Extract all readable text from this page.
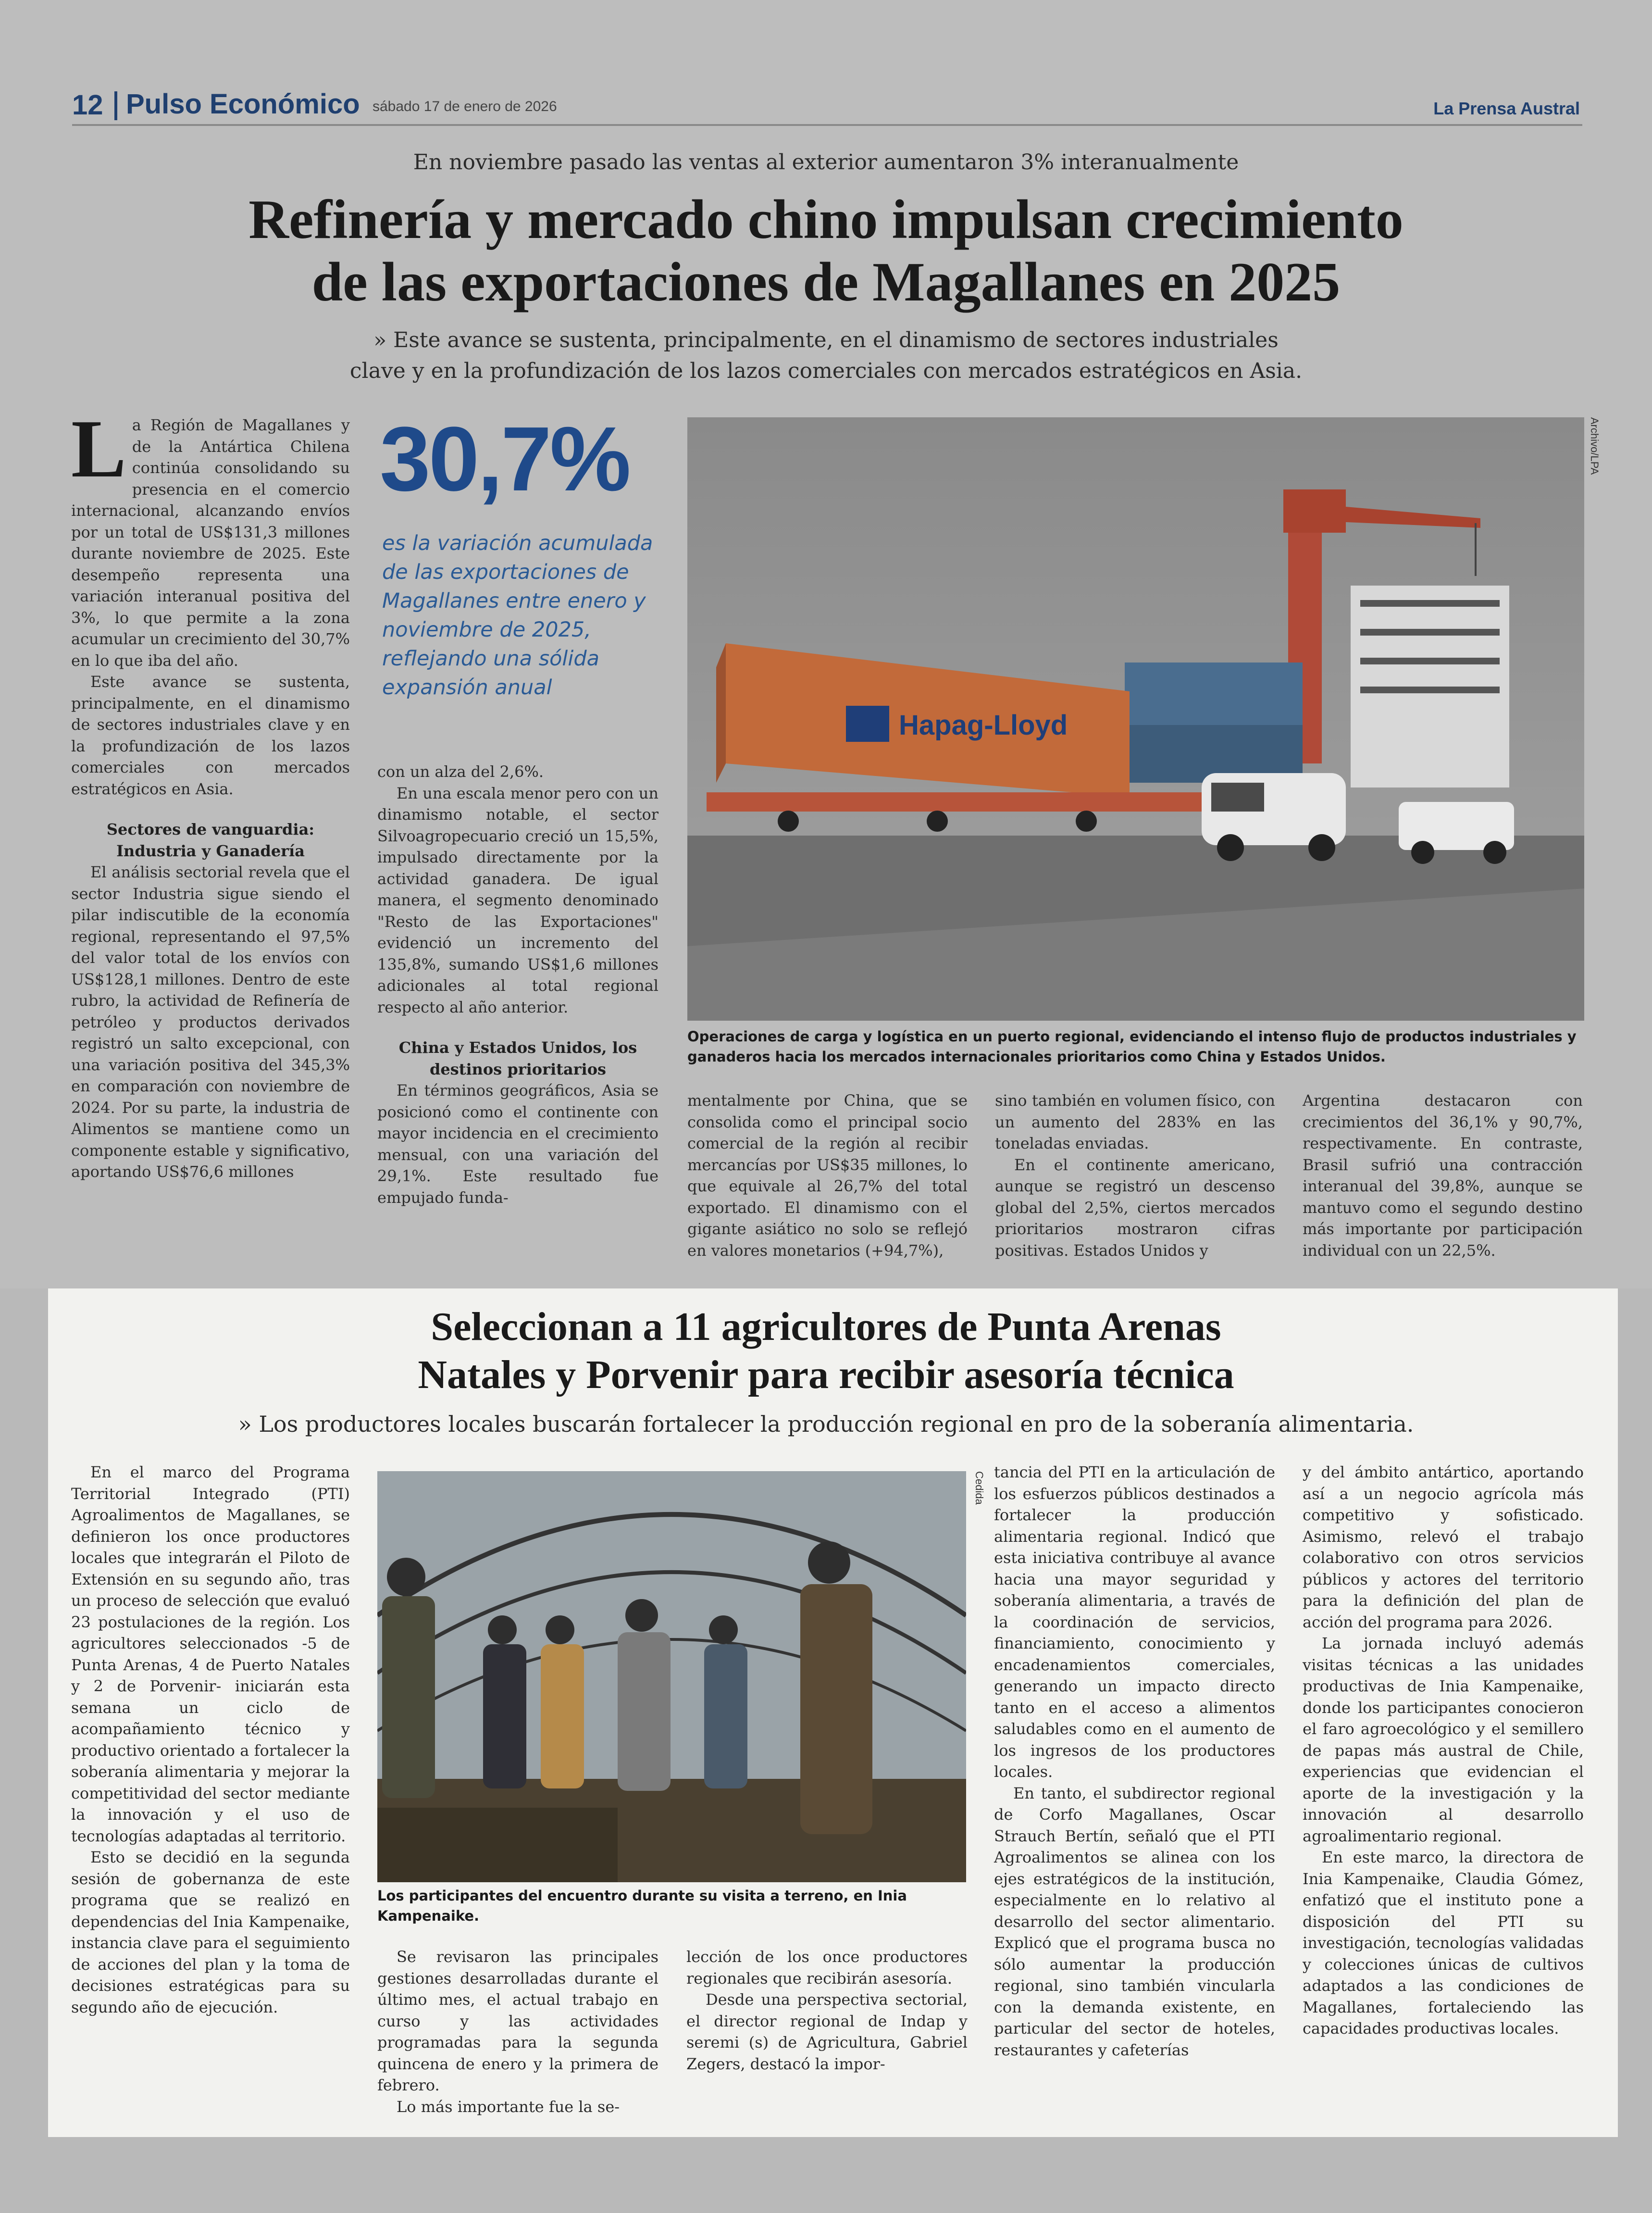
12 Pulso Económico sábado 17 de enero de 2026	La Prensa Austral
En noviembre pasado las ventas al exterior aumentaron 3% interanualmente
Refinería y mercado chino impulsan crecimiento
de las exportaciones de Magallanes en 2025
» Este avance se sustenta, principalmente, en el dinamismo de sectores industriales
clave y en la profundización de los lazos comerciales con mercados estratégicos en Asia.

La Región de Magallanes y de la Antártica Chilena continúa consolidando su presencia en el comercio internacional, alcanzando envíos por un total de US$131,3 millones durante noviembre de 2025. Este desempeño representa una variación interanual positiva del 3%, lo que permite a la zona acumular un crecimiento del 30,7% en lo que iba del año.

Este avance se sustenta, principalmente, en el dinamismo de sectores industriales clave y en la profundización de los lazos comerciales con mercados estratégicos en Asia.

Sectores de vanguardia: Industria y Ganadería

El análisis sectorial revela que el sector Industria sigue siendo el pilar indiscutible de la economía regional, representando el 97,5% del valor total de los envíos con US$128,1 millones. Dentro de este rubro, la actividad de Refinería de petróleo y productos derivados registró un salto excepcional, con una variación positiva del 345,3% en comparación con noviembre de 2024. Por su parte, la industria de Alimentos se mantiene como un componente estable y significativo, aportando US$76,6 millones

30,7%
es la variación acumulada de las exportaciones de Magallanes entre enero y noviembre de 2025, reflejando una sólida expansión anual

con un alza del 2,6%.

En una escala menor pero con un dinamismo notable, el sector Silvoagropecuario creció un 15,5%, impulsado directamente por la actividad ganadera. De igual manera, el segmento denominado "Resto de las Exportaciones" evidenció un incremento del 135,8%, sumando US$1,6 millones adicionales al total regional respecto al año anterior.

China y Estados Unidos, los destinos prioritarios

En términos geográficos, Asia se posicionó como el continente con mayor incidencia en el crecimiento mensual, con una variación del 29,1%. Este resultado fue empujado funda-

Hapag-Lloyd
Archivo/LPA
Operaciones de carga y logística en un puerto regional, evidenciando el intenso flujo de productos industriales y ganaderos hacia los mercados internacionales prioritarios como China y Estados Unidos.

mentalmente por China, que se consolida como el principal socio comercial de la región al recibir mercancías por US$35 millones, lo que equivale al 26,7% del total exportado. El dinamismo con el gigante asiático no solo se reflejó en valores monetarios (+94,7%),

sino también en volumen físico, con un aumento del 283% en las toneladas enviadas.

En el continente americano, aunque se registró un descenso global del 2,5%, ciertos mercados prioritarios mostraron cifras positivas. Estados Unidos y

Argentina destacaron con crecimientos del 36,1% y 90,7%, respectivamente. En contraste, Brasil sufrió una contracción interanual del 39,8%, aunque se mantuvo como el segundo destino más importante por participación individual con un 22,5%.

Seleccionan a 11 agricultores de Punta Arenas
Natales y Porvenir para recibir asesoría técnica
» Los productores locales buscarán fortalecer la producción regional en pro de la soberanía alimentaria.

En el marco del Programa Territorial Integrado (PTI) Agroalimentos de Magallanes, se definieron los once productores locales que integrarán el Piloto de Extensión en su segundo año, tras un proceso de selección que evaluó 23 postulaciones de la región. Los agricultores seleccionados -5 de Punta Arenas, 4 de Puerto Natales y 2 de Porvenir- iniciarán esta semana un ciclo de acompañamiento técnico y productivo orientado a fortalecer la soberanía alimentaria y mejorar la competitividad del sector mediante la innovación y el uso de tecnologías adaptadas al territorio.

Esto se decidió en la segunda sesión de gobernanza de este programa que se realizó en dependencias del Inia Kampenaike, instancia clave para el seguimiento de acciones del plan y la toma de decisiones estratégicas para su segundo año de ejecución.

Cedida
Los participantes del encuentro durante su visita a terreno, en Inia Kampenaike.

Se revisaron las principales gestiones desarrolladas durante el último mes, el actual trabajo en curso y las actividades programadas para la segunda quincena de enero y la primera de febrero.

Lo más importante fue la se-

lección de los once productores regionales que recibirán asesoría.

Desde una perspectiva sectorial, el director regional de Indap y seremi (s) de Agricultura, Gabriel Zegers, destacó la impor-

tancia del PTI en la articulación de los esfuerzos públicos destinados a fortalecer la producción alimentaria regional. Indicó que esta iniciativa contribuye al avance hacia una mayor seguridad y soberanía alimentaria, a través de la coordinación de servicios, financiamiento, conocimiento y encadenamientos comerciales, generando un impacto directo tanto en el acceso a alimentos saludables como en el aumento de los ingresos de los productores locales.

En tanto, el subdirector regional de Corfo Magallanes, Oscar Strauch Bertín, señaló que el PTI Agroalimentos se alinea con los ejes estratégicos de la institución, especialmente en lo relativo al desarrollo del sector alimentario. Explicó que el programa busca no sólo aumentar la producción regional, sino también vincularla con la demanda existente, en particular del sector de hoteles, restaurantes y cafeterías

y del ámbito antártico, aportando así a un negocio agrícola más competitivo y sofisticado. Asimismo, relevó el trabajo colaborativo con otros servicios públicos y actores del territorio para la definición del plan de acción del programa para 2026.

La jornada incluyó además visitas técnicas a las unidades productivas de Inia Kampenaike, donde los participantes conocieron el faro agroecológico y el semillero de papas más austral de Chile, experiencias que evidencian el aporte de la investigación y la innovación al desarrollo agroalimentario regional.

En este marco, la directora de Inia Kampenaike, Claudia Gómez, enfatizó que el instituto pone a disposición del PTI su investigación, tecnologías validadas y colecciones únicas de cultivos adaptados a las condiciones de Magallanes, fortaleciendo las capacidades productivas locales.
